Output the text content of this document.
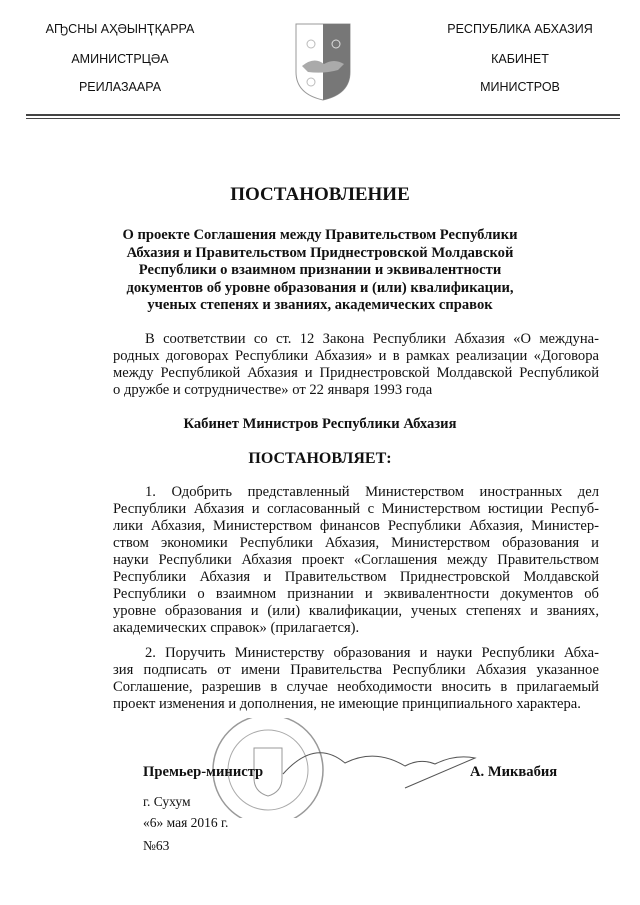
АҦСНЫ АҲӘЫНҬҚАРРА
АМИНИСТРЦӘА
РЕИЛАЗААРА
РЕСПУБЛИКА АБХАЗИЯ
КАБИНЕТ
МИНИСТРОВ
ПОСТАНОВЛЕНИЕ
О проекте Соглашения между Правительством Республики
Абхазия и Правительством Приднестровской Молдавской
Республики о взаимном признании и эквивалентности
документов об уровне образования и (или) квалификации,
ученых степенях и званиях, академических справок
В соответствии со ст. 12 Закона Республики Абхазия «О междуна-
родных договорах Республики Абхазия» и в рамках реализации «Договора
между Республикой Абхазия и Приднестровской Молдавской Республикой
о дружбе и сотрудничестве» от 22 января 1993 года
Кабинет Министров Республики Абхазия
ПОСТАНОВЛЯЕТ:
1. Одобрить представленный Министерством иностранных дел
Республики Абхазия и согласованный с Министерством юстиции Респуб-
лики Абхазия, Министерством финансов Республики Абхазия, Министер-
ством экономики Республики Абхазия, Министерством образования и
науки Республики Абхазия проект «Соглашения между Правительством
Республики Абхазия и Правительством Приднестровской Молдавской
Республики о взаимном признании и эквивалентности документов об
уровне образования и (или) квалификации, ученых степенях и званиях,
академических справок» (прилагается).
2. Поручить Министерству образования и науки Республики Абха-
зия подписать от имени Правительства Республики Абхазия указанное
Соглашение, разрешив в случае необходимости вносить в прилагаемый
проект изменения и дополнения, не имеющие принципиального характера.
Премьер-министр	А. Миквабия
г. Сухум
«6» мая 2016 г.
№63
